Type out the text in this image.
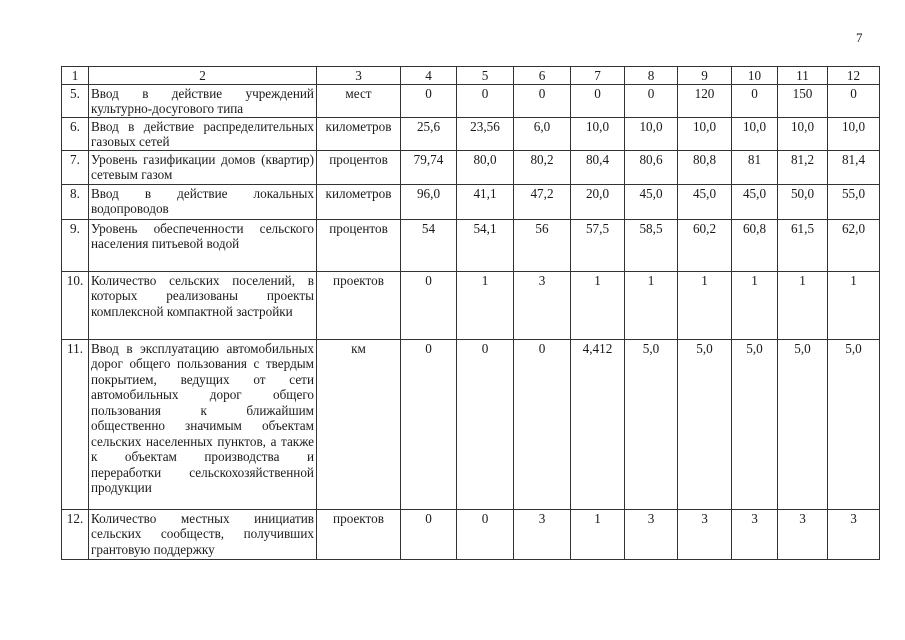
7
1	2	3	4	5	6	7	8	9	10	11	12
5.	Ввод в действие учреждений культурно-досугового типа	мест	0	0	0	0	0	120	0	150	0
6.	Ввод в действие распределительных газовых сетей	километров	25,6	23,56	6,0	10,0	10,0	10,0	10,0	10,0	10,0
7.	Уровень газификации домов (квартир) сетевым газом	процентов	79,74	80,0	80,2	80,4	80,6	80,8	81	81,2	81,4
8.	Ввод в действие локальных водопроводов	километров	96,0	41,1	47,2	20,0	45,0	45,0	45,0	50,0	55,0
9.	Уровень обеспеченности сельского населения питьевой водой	процентов	54	54,1	56	57,5	58,5	60,2	60,8	61,5	62,0
10.	Количество сельских поселений, в которых реализованы проекты комплексной компактной застройки	проектов	0	1	3	1	1	1	1	1	1
11.	Ввод в эксплуатацию автомобильных дорог общего пользования с твердым покрытием, ведущих от сети автомобильных дорог общего пользования к ближайшим общественно значимым объектам сельских населенных пунктов, а также к объектам производства и переработки сельскохозяйственной продукции	км	0	0	0	4,412	5,0	5,0	5,0	5,0	5,0
12.	Количество местных инициатив сельских сообществ, получивших грантовую поддержку	проектов	0	0	3	1	3	3	3	3	3
